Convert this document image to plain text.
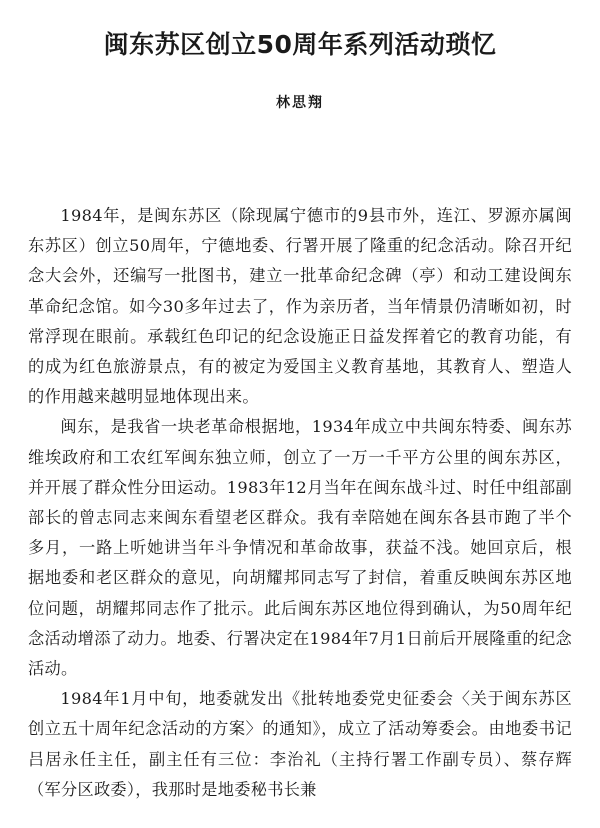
闽东苏区创立50周年系列活动琐忆
林思翔

1984年，是闽东苏区（除现属宁德市的9县市外，连江、罗源亦属闽东苏区）创立50周年，宁德地委、行署开展了隆重的纪念活动。除召开纪念大会外，还编写一批图书，建立一批革命纪念碑（亭）和动工建设闽东革命纪念馆。如今30多年过去了，作为亲历者，当年情景仍清晰如初，时常浮现在眼前。承载红色印记的纪念设施正日益发挥着它的教育功能，有的成为红色旅游景点，有的被定为爱国主义教育基地，其教育人、塑造人的作用越来越明显地体现出来。

闽东，是我省一块老革命根据地，1934年成立中共闽东特委、闽东苏维埃政府和工农红军闽东独立师，创立了一万一千平方公里的闽东苏区，并开展了群众性分田运动。1983年12月当年在闽东战斗过、时任中组部副部长的曾志同志来闽东看望老区群众。我有幸陪她在闽东各县市跑了半个多月，一路上听她讲当年斗争情况和革命故事，获益不浅。她回京后，根据地委和老区群众的意见，向胡耀邦同志写了封信，着重反映闽东苏区地位问题，胡耀邦同志作了批示。此后闽东苏区地位得到确认，为50周年纪念活动增添了动力。地委、行署决定在1984年7月1日前后开展隆重的纪念活动。

1984年1月中旬，地委就发出《批转地委党史征委会〈关于闽东苏区创立五十周年纪念活动的方案〉的通知》，成立了活动筹委会。由地委书记吕居永任主任，副主任有三位：李治礼（主持行署工作副专员）、蔡存辉（军分区政委），我那时是地委秘书长兼
